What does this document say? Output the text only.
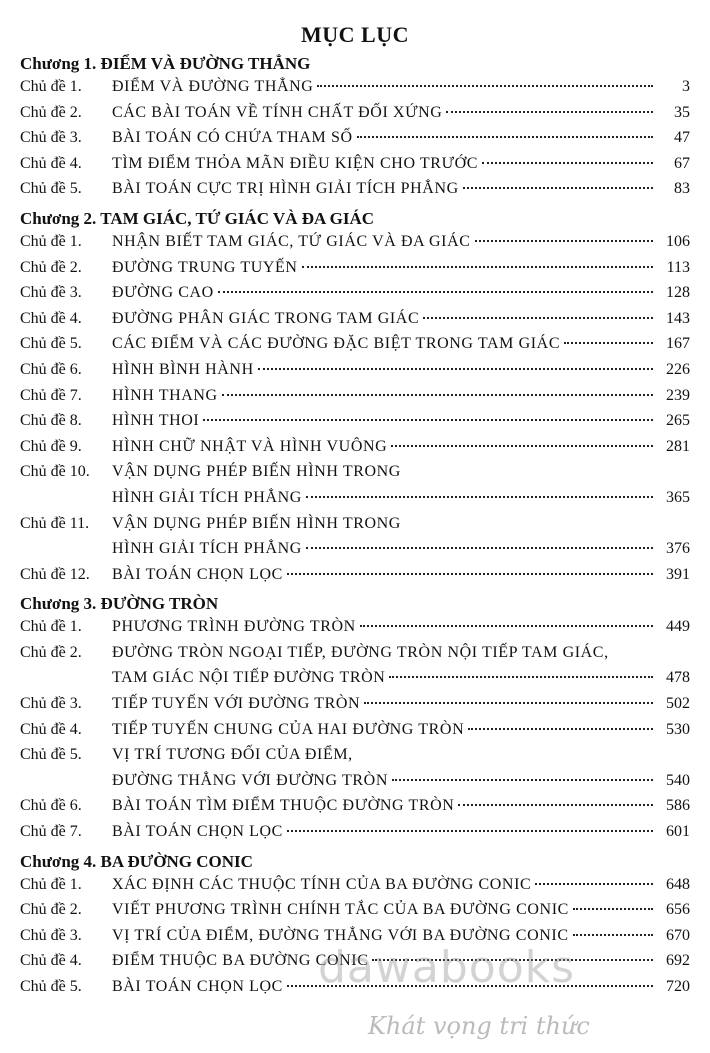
MỤC LỤC
Chương 1. ĐIỂM VÀ ĐƯỜNG THẲNG
Chủ đề 1.	ĐIỂM VÀ ĐƯỜNG THẲNG	3
Chủ đề 2.	CÁC BÀI TOÁN VỀ TÍNH CHẤT ĐỐI XỨNG	35
Chủ đề 3.	BÀI TOÁN CÓ CHỨA THAM SỐ	47
Chủ đề 4.	TÌM ĐIỂM THỎA MÃN ĐIỀU KIỆN CHO TRƯỚC	67
Chủ đề 5.	BÀI TOÁN CỰC TRỊ HÌNH GIẢI TÍCH PHẲNG	83
Chương 2. TAM GIÁC, TỨ GIÁC VÀ ĐA GIÁC
Chủ đề 1.	NHẬN BIẾT TAM GIÁC, TỨ GIÁC VÀ ĐA GIÁC	106
Chủ đề 2.	ĐƯỜNG TRUNG TUYẾN	113
Chủ đề 3.	ĐƯỜNG CAO	128
Chủ đề 4.	ĐƯỜNG PHÂN GIÁC TRONG TAM GIÁC	143
Chủ đề 5.	CÁC ĐIỂM VÀ CÁC ĐƯỜNG ĐẶC BIỆT TRONG TAM GIÁC	167
Chủ đề 6.	HÌNH BÌNH HÀNH	226
Chủ đề 7.	HÌNH THANG	239
Chủ đề 8.	HÌNH THOI	265
Chủ đề 9.	HÌNH CHỮ NHẬT VÀ HÌNH VUÔNG	281
Chủ đề 10.	VẬN DỤNG PHÉP BIẾN HÌNH TRONG
HÌNH GIẢI TÍCH PHẲNG	365
Chủ đề 11.	VẬN DỤNG PHÉP BIẾN HÌNH TRONG
HÌNH GIẢI TÍCH PHẲNG	376
Chủ đề 12.	BÀI TOÁN CHỌN LỌC	391
Chương 3. ĐƯỜNG TRÒN
Chủ đề 1.	PHƯƠNG TRÌNH ĐƯỜNG TRÒN	449
Chủ đề 2.	ĐƯỜNG TRÒN NGOẠI TIẾP, ĐƯỜNG TRÒN NỘI TIẾP TAM GIÁC,
TAM GIÁC NỘI TIẾP ĐƯỜNG TRÒN	478
Chủ đề 3.	TIẾP TUYẾN VỚI ĐƯỜNG TRÒN	502
Chủ đề 4.	TIẾP TUYẾN CHUNG CỦA HAI ĐƯỜNG TRÒN	530
Chủ đề 5.	VỊ TRÍ TƯƠNG ĐỐI CỦA ĐIỂM,
ĐƯỜNG THẲNG VỚI ĐƯỜNG TRÒN	540
Chủ đề 6.	BÀI TOÁN TÌM ĐIỂM THUỘC ĐƯỜNG TRÒN	586
Chủ đề 7.	BÀI TOÁN CHỌN LỌC	601
Chương 4. BA ĐƯỜNG CONIC
Chủ đề 1.	XÁC ĐỊNH CÁC THUỘC TÍNH CỦA BA ĐƯỜNG CONIC	648
Chủ đề 2.	VIẾT PHƯƠNG TRÌNH CHÍNH TẮC CỦA BA ĐƯỜNG CONIC	656
Chủ đề 3.	VỊ TRÍ CỦA ĐIỂM, ĐƯỜNG THẲNG VỚI BA ĐƯỜNG CONIC	670
Chủ đề 4.	ĐIỂM THUỘC BA ĐƯỜNG CONIC	692
Chủ đề 5.	BÀI TOÁN CHỌN LỌC	720
dawabooks
Khát vọng tri thức
